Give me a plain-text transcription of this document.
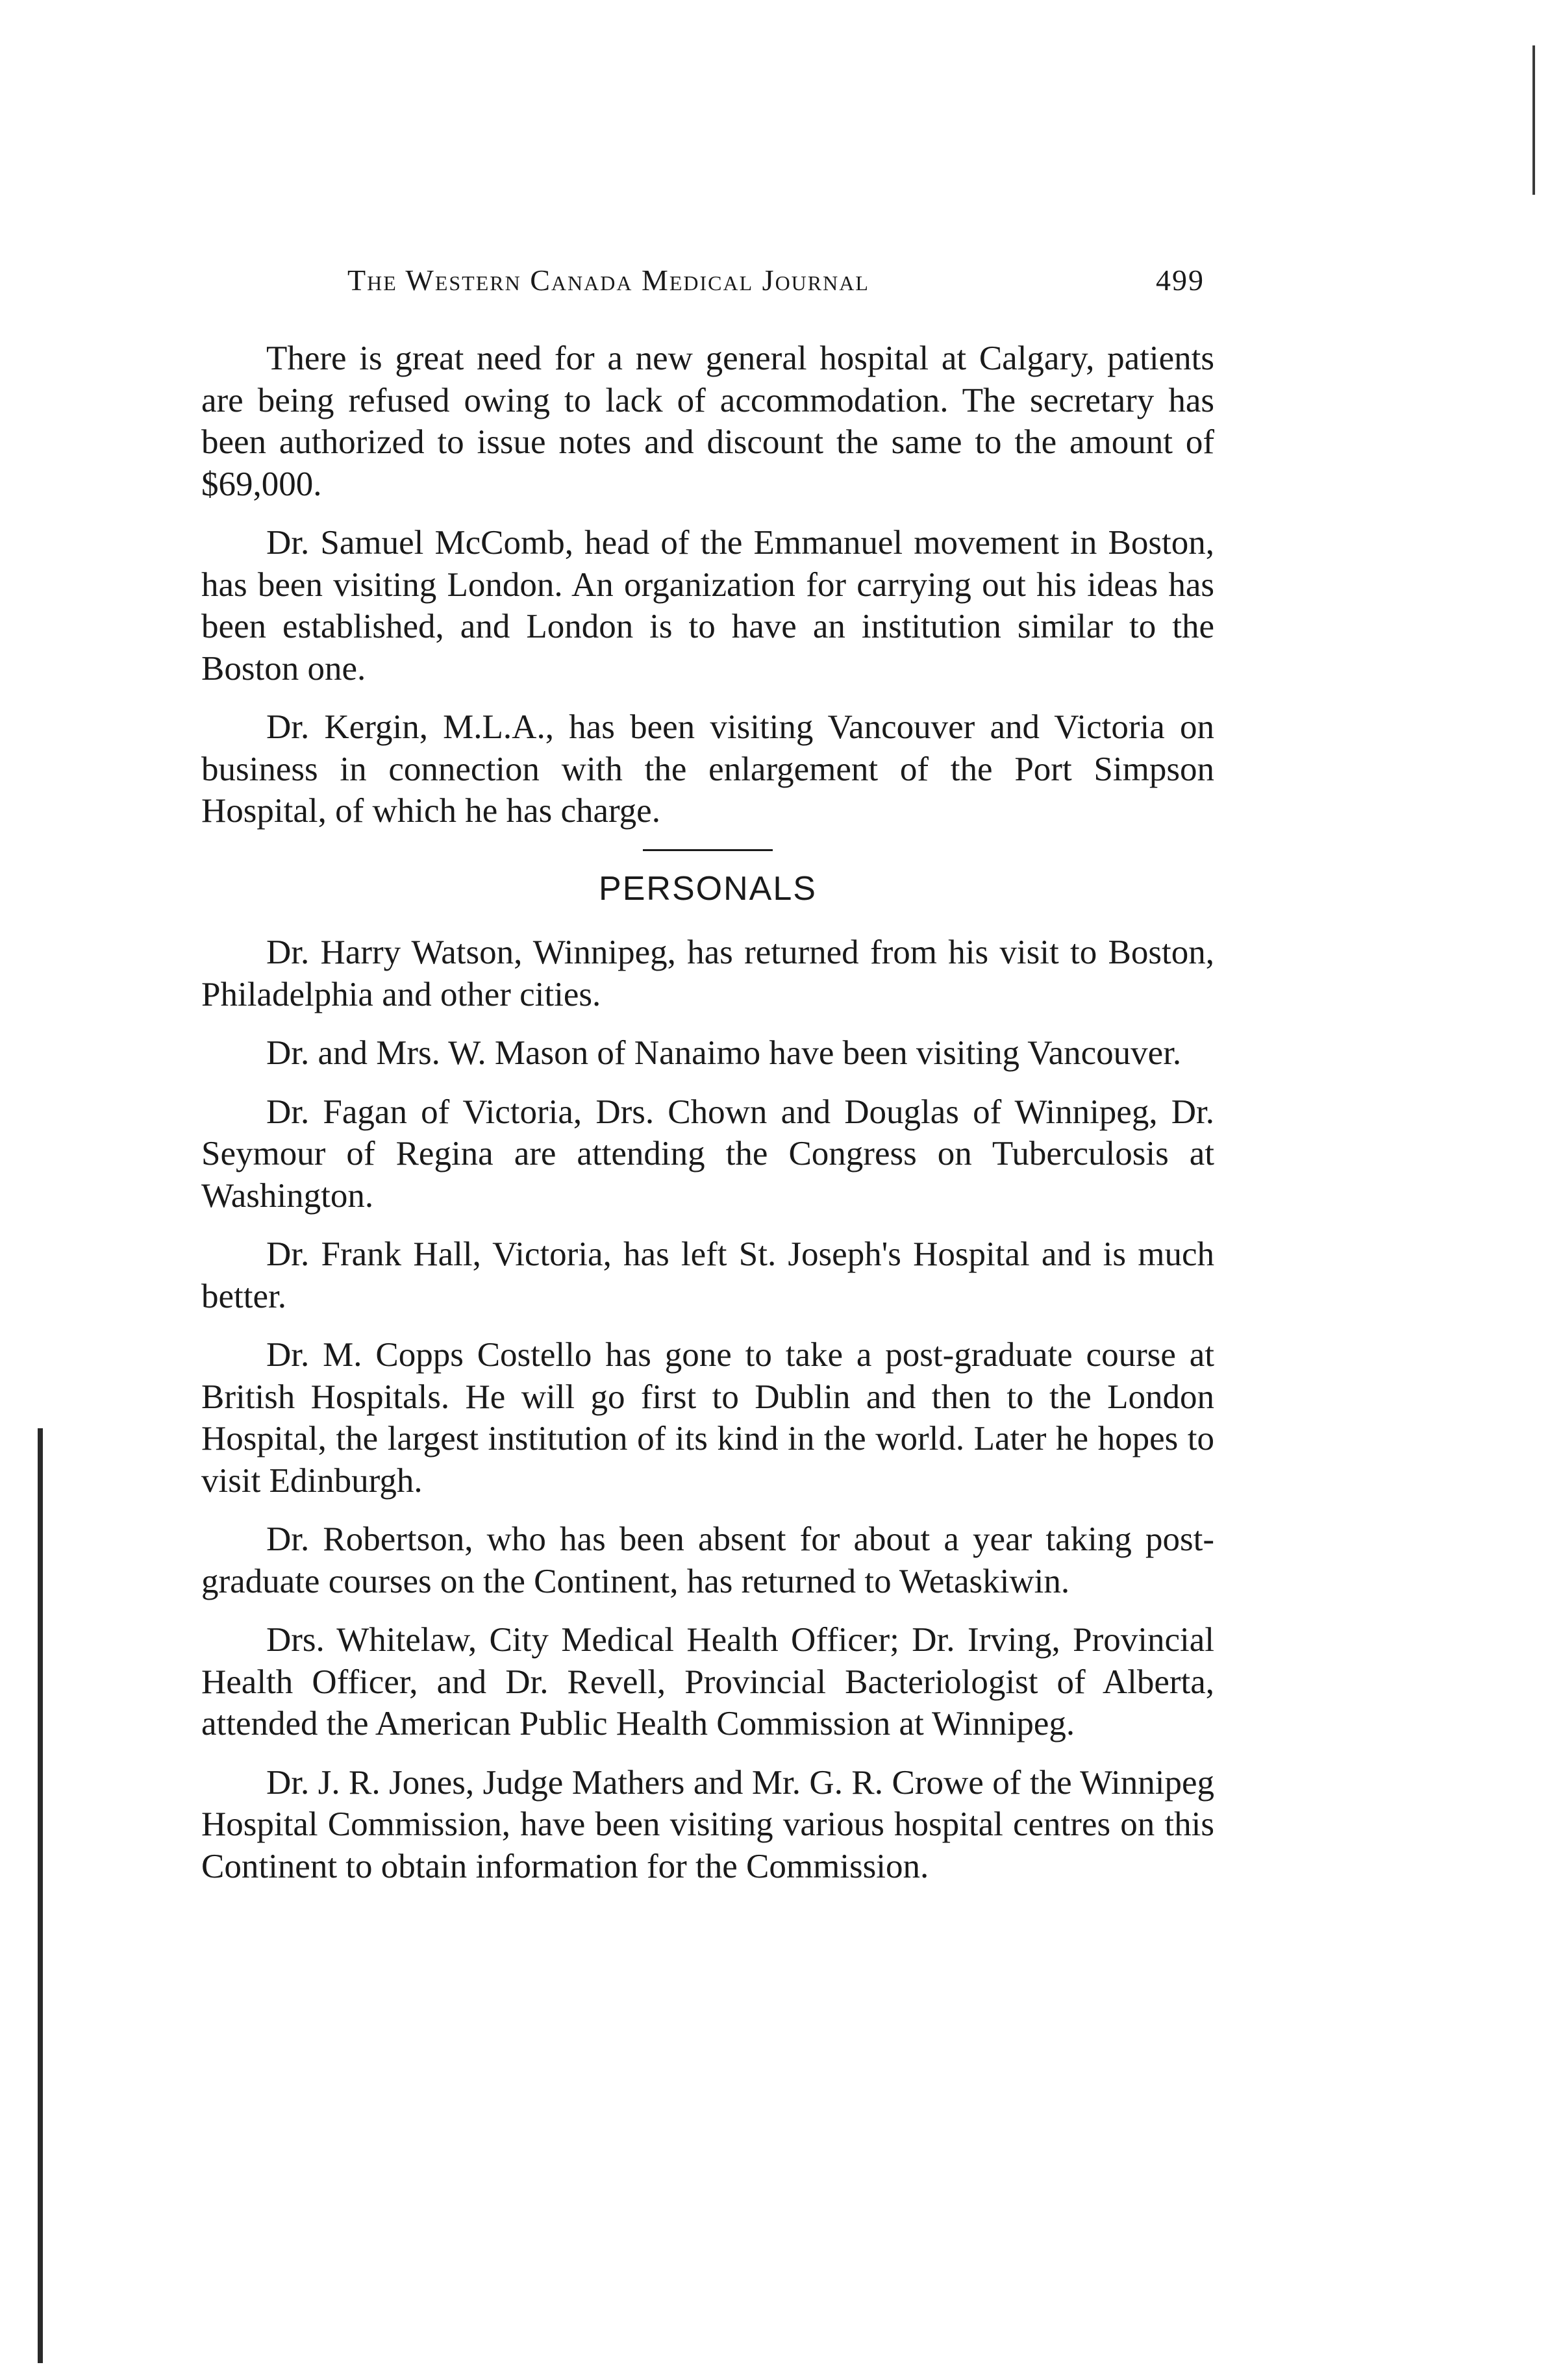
The Western Canada Medical Journal	499

There is great need for a new general hospital at Calgary, patients are being refused owing to lack of accommodation. The secretary has been authorized to issue notes and discount the same to the amount of $69,000.

Dr. Samuel McComb, head of the Emmanuel movement in Boston, has been visiting London. An organization for carrying out his ideas has been established, and London is to have an institution similar to the Boston one.

Dr. Kergin, M.L.A., has been visiting Vancouver and Victoria on business in connection with the enlargement of the Port Simpson Hospital, of which he has charge.

PERSONALS

Dr. Harry Watson, Winnipeg, has returned from his visit to Boston, Philadelphia and other cities.

Dr. and Mrs. W. Mason of Nanaimo have been visiting Vancouver.

Dr. Fagan of Victoria, Drs. Chown and Douglas of Winnipeg, Dr. Seymour of Regina are attending the Congress on Tuberculosis at Washington.

Dr. Frank Hall, Victoria, has left St. Joseph's Hospital and is much better.

Dr. M. Copps Costello has gone to take a post-graduate course at British Hospitals. He will go first to Dublin and then to the London Hospital, the largest institution of its kind in the world. Later he hopes to visit Edinburgh.

Dr. Robertson, who has been absent for about a year taking post-graduate courses on the Continent, has returned to Wetaskiwin.

Drs. Whitelaw, City Medical Health Officer; Dr. Irving, Provincial Health Officer, and Dr. Revell, Provincial Bacteriologist of Alberta, attended the American Public Health Commission at Winnipeg.

Dr. J. R. Jones, Judge Mathers and Mr. G. R. Crowe of the Winnipeg Hospital Commission, have been visiting various hospital centres on this Continent to obtain information for the Commission.
